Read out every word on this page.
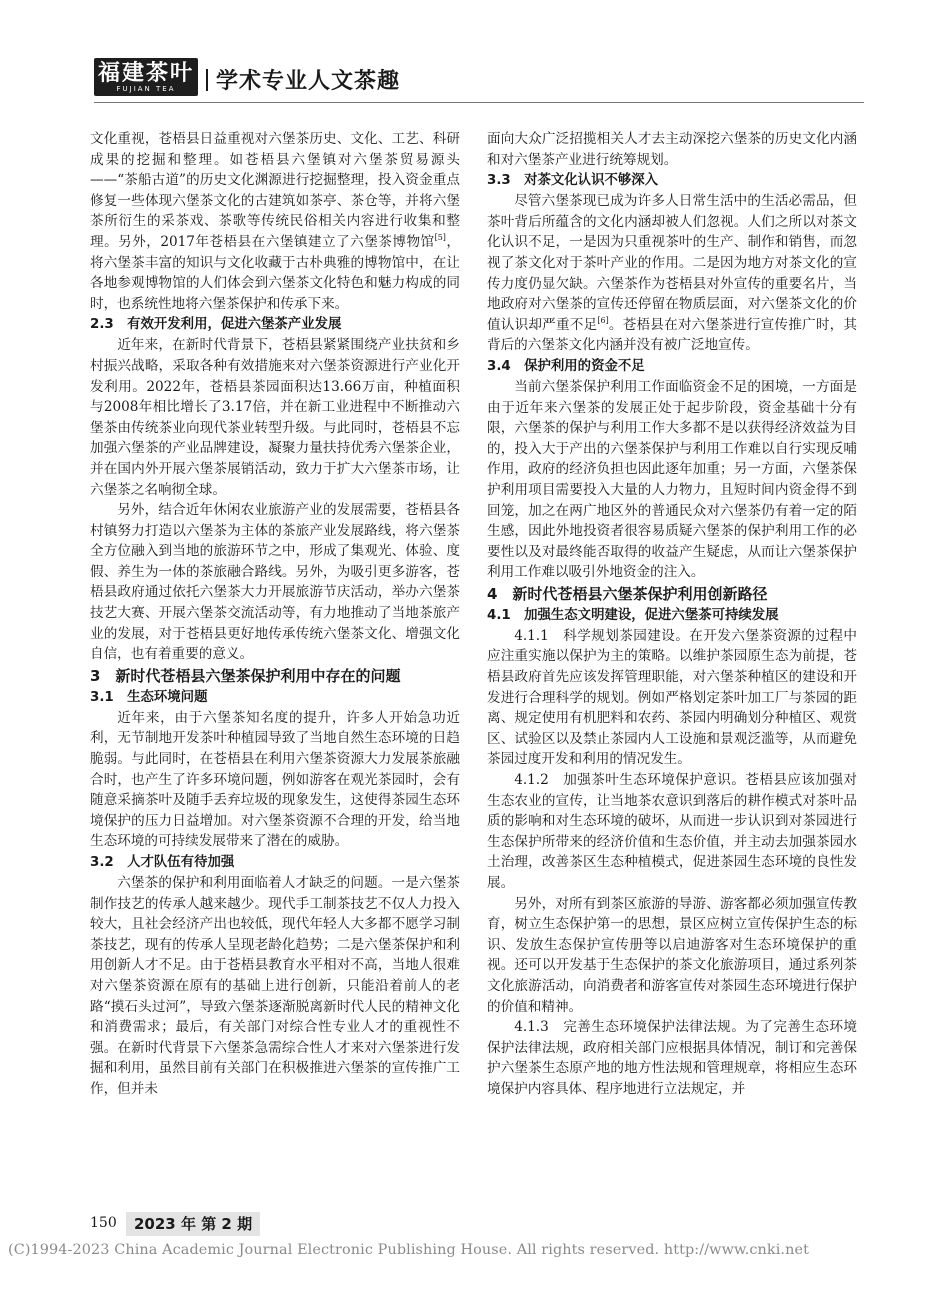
福建茶叶
FUJIAN TEA	学术专业人文茶趣

文化重视，苍梧县日益重视对六堡茶历史、文化、工艺、科研成果的挖掘和整理。如苍梧县六堡镇对六堡茶贸易源头——“茶船古道”的历史文化渊源进行挖掘整理，投入资金重点修复一些体现六堡茶文化的古建筑如茶亭、茶仓等，并将六堡茶所衍生的采茶戏、茶歌等传统民俗相关内容进行收集和整理。另外，2017年苍梧县在六堡镇建立了六堡茶博物馆[5]，将六堡茶丰富的知识与文化收藏于古朴典雅的博物馆中，在让各地参观博物馆的人们体会到六堡茶文化特色和魅力构成的同时，也系统性地将六堡茶保护和传承下来。

2.3　有效开发利用，促进六堡茶产业发展

近年来，在新时代背景下，苍梧县紧紧围绕产业扶贫和乡村振兴战略，采取各种有效措施来对六堡茶资源进行产业化开发利用。2022年，苍梧县茶园面积达13.66万亩，种植面积与2008年相比增长了3.17倍，并在新工业进程中不断推动六堡茶由传统茶业向现代茶业转型升级。与此同时，苍梧县不忘加强六堡茶的产业品牌建设，凝聚力量扶持优秀六堡茶企业，并在国内外开展六堡茶展销活动，致力于扩大六堡茶市场，让六堡茶之名响彻全球。

另外，结合近年休闲农业旅游产业的发展需要，苍梧县各村镇努力打造以六堡茶为主体的茶旅产业发展路线，将六堡茶全方位融入到当地的旅游环节之中，形成了集观光、体验、度假、养生为一体的茶旅融合路线。另外，为吸引更多游客，苍梧县政府通过依托六堡茶大力开展旅游节庆活动，举办六堡茶技艺大赛、开展六堡茶交流活动等，有力地推动了当地茶旅产业的发展，对于苍梧县更好地传承传统六堡茶文化、增强文化自信，也有着重要的意义。

3　新时代苍梧县六堡茶保护利用中存在的问题

3.1　生态环境问题

近年来，由于六堡茶知名度的提升，许多人开始急功近利，无节制地开发茶叶种植园导致了当地自然生态环境的日趋脆弱。与此同时，在苍梧县在利用六堡茶资源大力发展茶旅融合时，也产生了许多环境问题，例如游客在观光茶园时，会有随意采摘茶叶及随手丢弃垃圾的现象发生，这使得茶园生态环境保护的压力日益增加。对六堡茶资源不合理的开发，给当地生态环境的可持续发展带来了潜在的威胁。

3.2　人才队伍有待加强

六堡茶的保护和利用面临着人才缺乏的问题。一是六堡茶制作技艺的传承人越来越少。现代手工制茶技艺不仅人力投入较大，且社会经济产出也较低，现代年轻人大多都不愿学习制茶技艺，现有的传承人呈现老龄化趋势；二是六堡茶保护和利用创新人才不足。由于苍梧县教育水平相对不高，当地人很难对六堡茶资源在原有的基础上进行创新，只能沿着前人的老路“摸石头过河”，导致六堡茶逐渐脱离新时代人民的精神文化和消费需求；最后，有关部门对综合性专业人才的重视性不强。在新时代背景下六堡茶急需综合性人才来对六堡茶进行发掘和利用，虽然目前有关部门在积极推进六堡茶的宣传推广工作，但并未

面向大众广泛招揽相关人才去主动深挖六堡茶的历史文化内涵和对六堡茶产业进行统筹规划。

3.3　对茶文化认识不够深入

尽管六堡茶现已成为许多人日常生活中的生活必需品，但茶叶背后所蕴含的文化内涵却被人们忽视。人们之所以对茶文化认识不足，一是因为只重视茶叶的生产、制作和销售，而忽视了茶文化对于茶叶产业的作用。二是因为地方对茶文化的宣传力度仍显欠缺。六堡茶作为苍梧县对外宣传的重要名片，当地政府对六堡茶的宣传还停留在物质层面，对六堡茶文化的价值认识却严重不足[6]。苍梧县在对六堡茶进行宣传推广时，其背后的六堡茶文化内涵并没有被广泛地宣传。

3.4　保护利用的资金不足

当前六堡茶保护利用工作面临资金不足的困境，一方面是由于近年来六堡茶的发展正处于起步阶段，资金基础十分有限，六堡茶的保护与利用工作大多都不是以获得经济效益为目的，投入大于产出的六堡茶保护与利用工作难以自行实现反哺作用，政府的经济负担也因此逐年加重；另一方面，六堡茶保护利用项目需要投入大量的人力物力，且短时间内资金得不到回笼，加之在两广地区外的普通民众对六堡茶仍有着一定的陌生感，因此外地投资者很容易质疑六堡茶的保护利用工作的必要性以及对最终能否取得的收益产生疑虑，从而让六堡茶保护利用工作难以吸引外地资金的注入。

4　新时代苍梧县六堡茶保护利用创新路径

4.1　加强生态文明建设，促进六堡茶可持续发展

4.1.1　科学规划茶园建设。在开发六堡茶资源的过程中应注重实施以保护为主的策略。以维护茶园原生态为前提，苍梧县政府首先应该发挥管理职能，对六堡茶种植区的建设和开发进行合理科学的规划。例如严格划定茶叶加工厂与茶园的距离、规定使用有机肥料和农药、茶园内明确划分种植区、观赏区、试验区以及禁止茶园内人工设施和景观泛滥等，从而避免茶园过度开发和利用的情况发生。

4.1.2　加强茶叶生态环境保护意识。苍梧县应该加强对生态农业的宣传，让当地茶农意识到落后的耕作模式对茶叶品质的影响和对生态环境的破坏，从而进一步认识到对茶园进行生态保护所带来的经济价值和生态价值，并主动去加强茶园水土治理，改善茶区生态种植模式，促进茶园生态环境的良性发展。

另外，对所有到茶区旅游的导游、游客都必须加强宣传教育，树立生态保护第一的思想，景区应树立宣传保护生态的标识、发放生态保护宣传册等以启迪游客对生态环境保护的重视。还可以开发基于生态保护的茶文化旅游项目，通过系列茶文化旅游活动，向消费者和游客宣传对茶园生态环境进行保护的价值和精神。

4.1.3　完善生态环境保护法律法规。为了完善生态环境保护法律法规，政府相关部门应根据具体情况，制订和完善保护六堡茶生态原产地的地方性法规和管理规章，将相应生态环境保护内容具体、程序地进行立法规定，并

150	2023 年 第 2 期
(C)1994-2023 China Academic Journal Electronic Publishing House. All rights reserved. http://www.cnki.net
